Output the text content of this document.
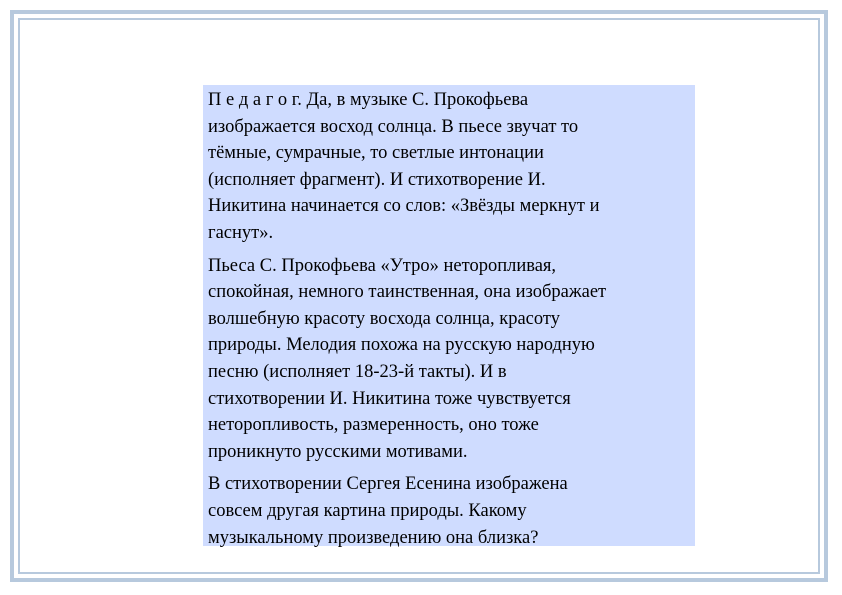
П е д а г о г. Да, в музыке С. Прокофьева
изображается восход солнца. В пьесе звучат то
тёмные, сумрачные, то светлые интонации
(исполняет фрагмент). И стихотворение И.
Никитина начинается со слов: «Звёзды меркнут и
гаснут».

Пьеса С. Прокофьева «Утро» неторопливая,
спокойная, немного таинственная, она изображает
волшебную красоту восхода солнца, красоту
природы. Мелодия похожа на русскую народную
песню (исполняет 18-23-й такты). И в
стихотворении И. Никитина тоже чувствуется
неторопливость, размеренность, оно тоже
проникнуто русскими мотивами.

В стихотворении Сергея Есенина изображена
совсем другая картина природы. Какому
музыкальному произведению она близка?
